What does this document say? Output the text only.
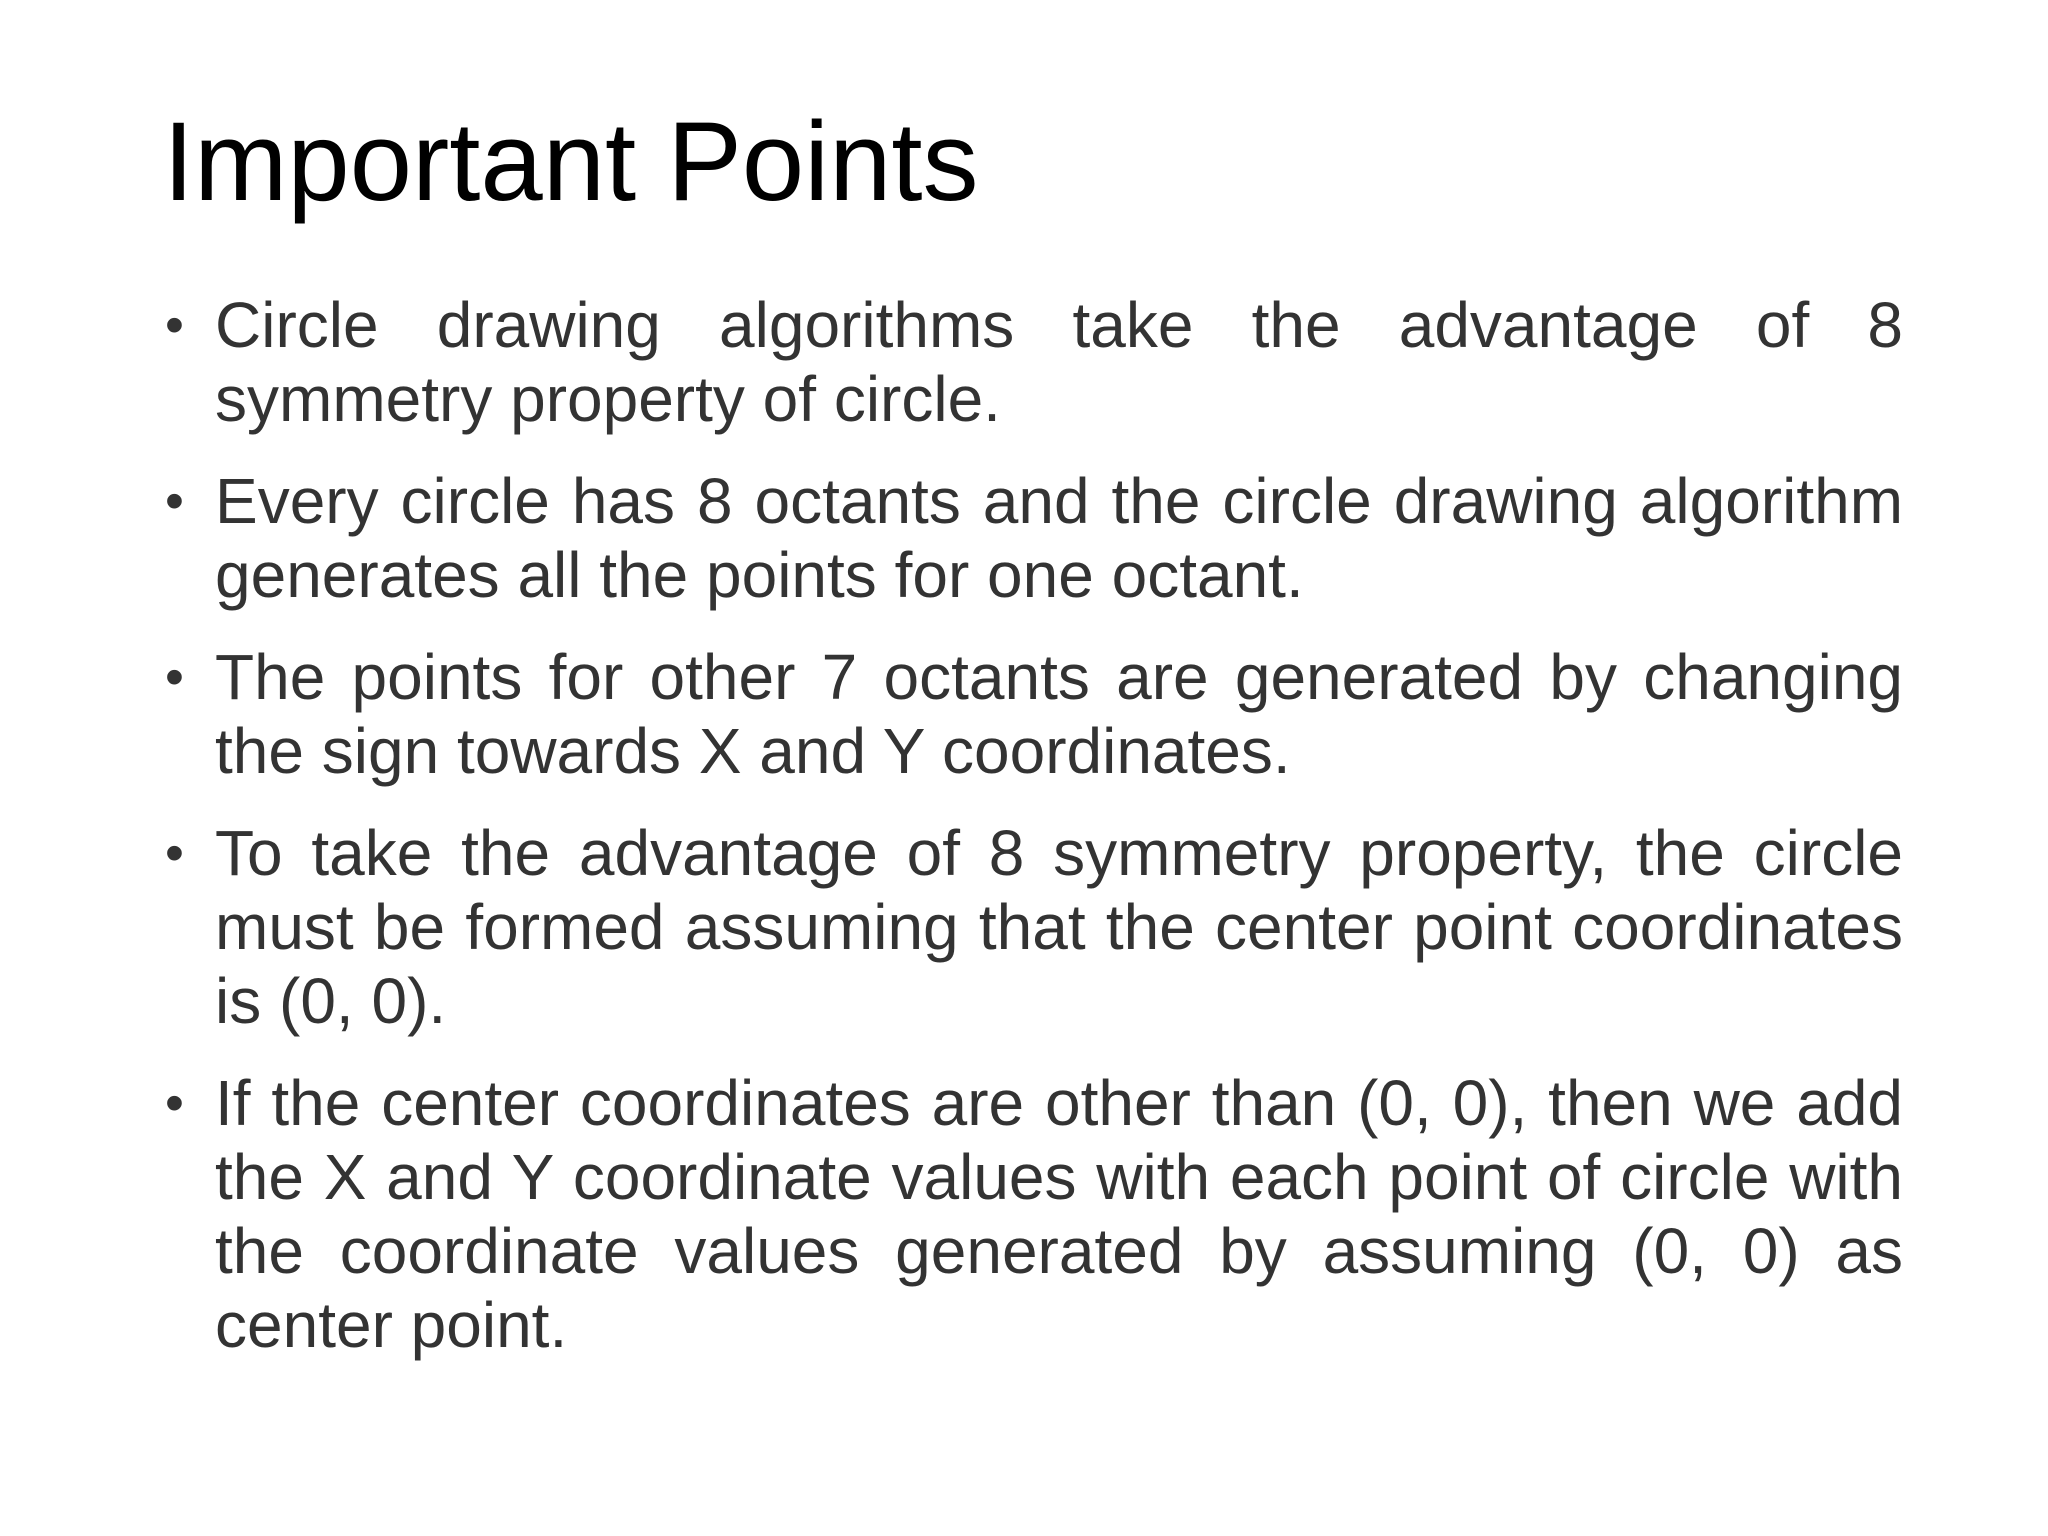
Important Points
• Circle drawing algorithms take the advantage of 8 symmetry property of circle.
• Every circle has 8 octants and the circle drawing algorithm generates all the points for one octant.
• The points for other 7 octants are generated by changing the sign towards X and Y coordinates.
• To take the advantage of 8 symmetry property, the circle must be formed assuming that the center point coordinates is (0, 0).
• If the center coordinates are other than (0, 0), then we add the X and Y coordinate values with each point of circle with the coordinate values generated by assuming (0, 0) as center point.
